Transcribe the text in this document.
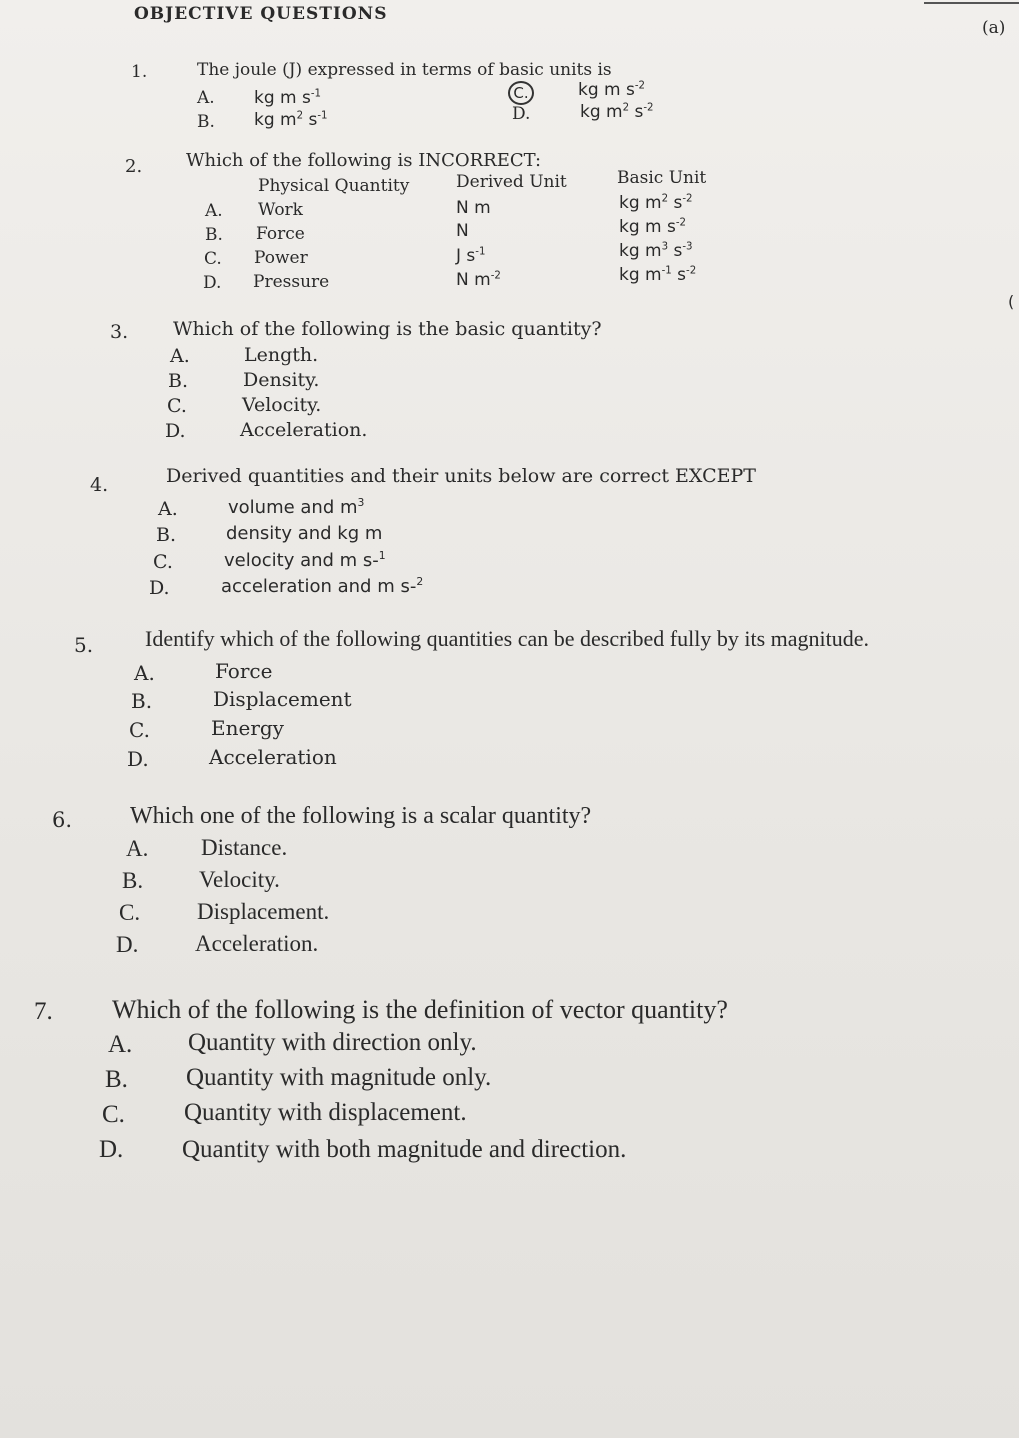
OBJECTIVE QUESTIONS
(a)
(
1.	The joule (J) expressed in terms of basic units is
A. kg m $s^{-1}$
B. kg $m^2$ $s^{-1}$
C.	kg m $s^{-2}$
D.	kg $m^2$ $s^{-2}$
2. Which of the following is INCORRECT:
Physical Quantity	Derived Unit	Basic Unit
A. Work	N m	kg $m^2$ $s^{-2}$
B. Force	N	kg m $s^{-2}$
C. Power	J $s^{-1}$	kg $m^3$ $s^{-3}$
D. Pressure	N $m^{-2}$	kg $m^{-1}$ $s^{-2}$
3. Which of the following is the basic quantity?
A.	Length.
B.	Density.
C.	Velocity.
D.	Acceleration.
4.	Derived quantities and their units below are correct EXCEPT
A.	volume and $m^3$
B.	density and kg m
C.	velocity and m s-$^1$
D.	acceleration and m s-$^2$
5. Identify which of the following quantities can be described fully by its magnitude.
A.	Force
B.	Displacement
C.	Energy
D.	Acceleration
6. Which one of the following is a scalar quantity?
A. Distance.
B. Velocity.
C. Displacement.
D. Acceleration.
7. Which of the following is the definition of vector quantity?
A. Quantity with direction only.
B. Quantity with magnitude only.
C. Quantity with displacement.
D. Quantity with both magnitude and direction.
